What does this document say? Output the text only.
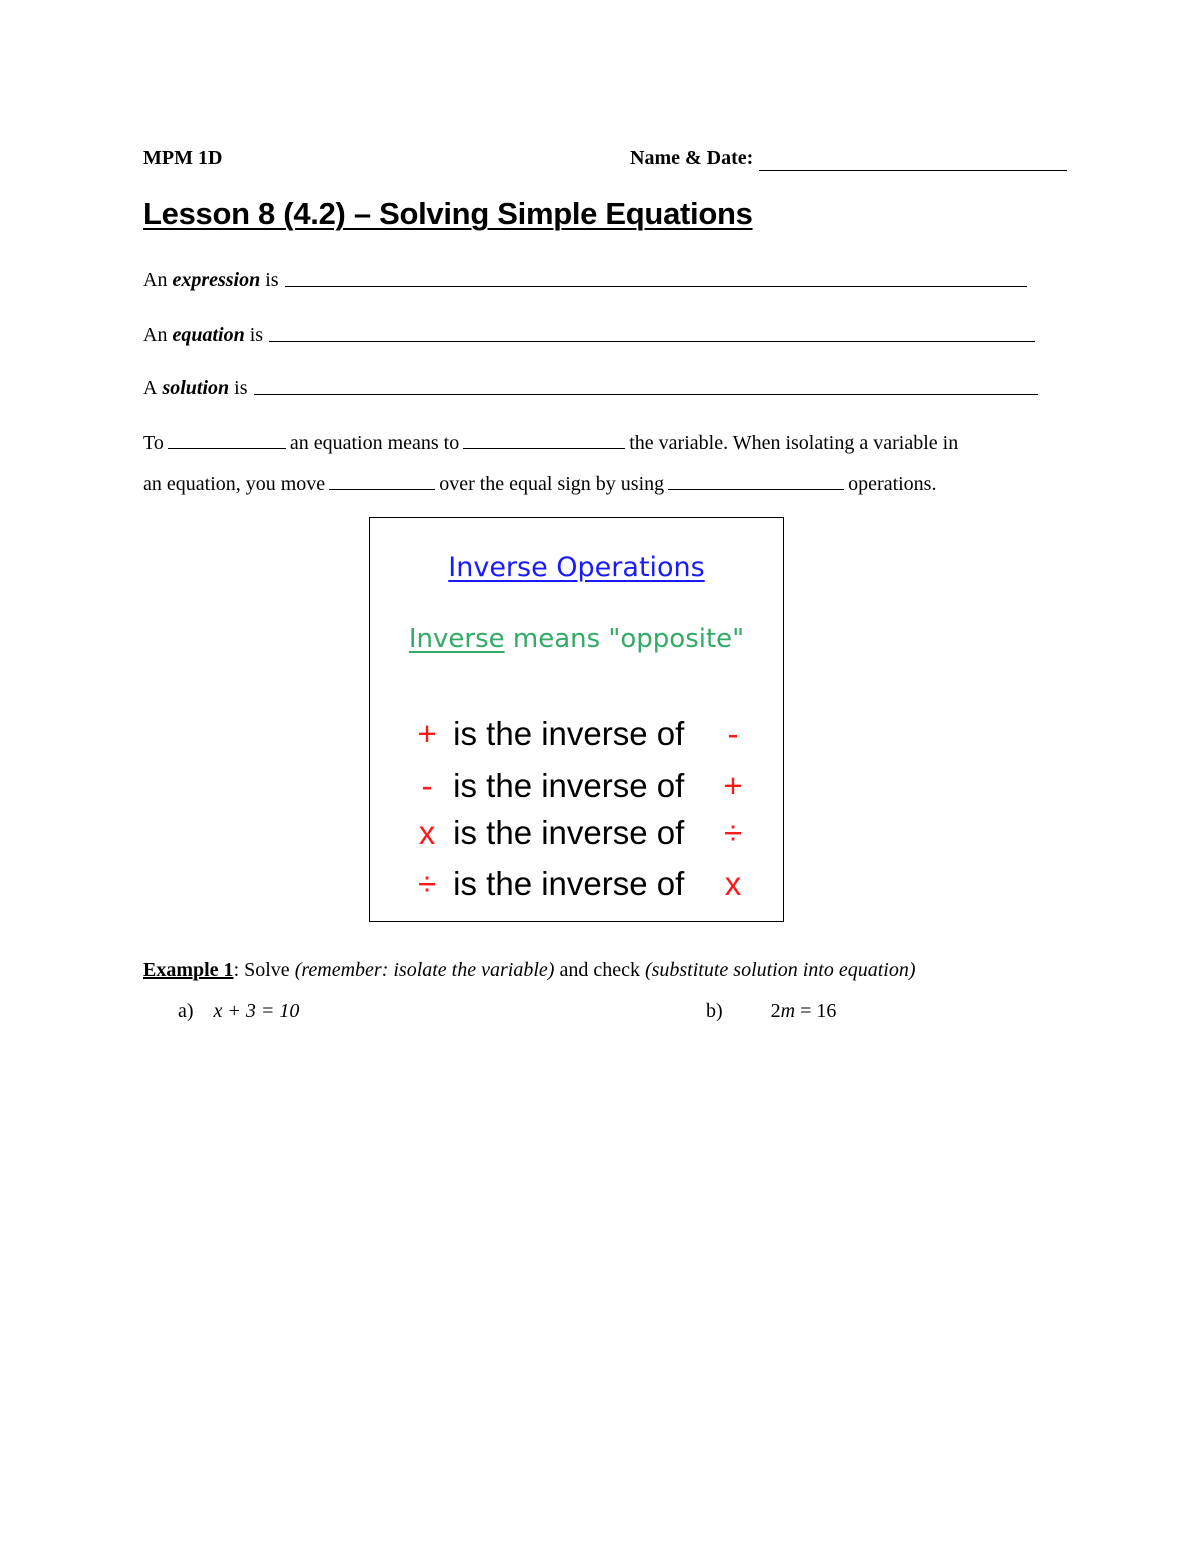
MPM 1D	Name & Date:
Lesson 8 (4.2) – Solving Simple Equations
An
expression
is
An
equation
is
A
solution
is
To	an equation means to	the variable. When isolating a variable in
an equation, you move	over the equal sign by using	operations.
Inverse Operations
Inverse means "opposite"
+ is the inverse of	-
- is the inverse of +
x is the inverse of ÷
÷ is the inverse of x
Example 1: Solve (remember: isolate the variable) and check (substitute solution into equation)
a) x + 3 = 10	b) 2m = 16
